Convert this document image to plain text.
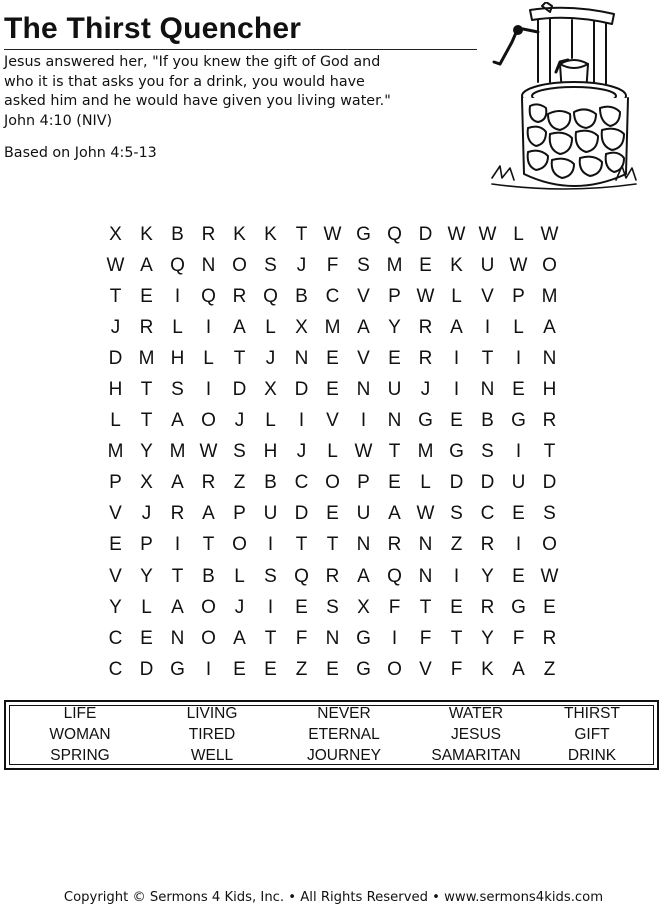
The Thirst Quencher
Jesus answered her, "If you knew the gift of God and
who it is that asks you for a drink, you would have
asked him and he would have given you living water."
John 4:10 (NIV)
Based on John 4:5-13
X K B R K K T W G Q D W W L W
W A Q N O S	J	F S M E K U W O
T E	I	Q R Q B C V P W L	V P M
J	R L	I	A	L	X M A Y R A	I	L	A
D M H L	T	J	N E V E R	I	T	I	N
H T S	I	D X D E N U	J	I	N E H
L	T A O J	L	I	V	I	N G E B G R
M Y M W S H	J	L W T M G S	I	T
P X A R Z B C O P E	L D D U D
V	J	R A P U D E U A W S C E S
E P	I	T O	I	T	T N R N Z R	I	O
V Y T B	L	S Q R A Q N	I	Y E W
Y	L	A O J	I	E S X F	T E R G E
C E N O A T	F N G	I	F	T Y F R
C D G	I	E E Z E G O V F K A Z
LIFE	LIVING	NEVER	WATER	THIRST
WOMAN	TIRED	ETERNAL	JESUS	GIFT
SPRING	WELL	JOURNEY	SAMARITAN	DRINK
Copyright © Sermons 4 Kids, Inc. • All Rights Reserved • www.sermons4kids.com
